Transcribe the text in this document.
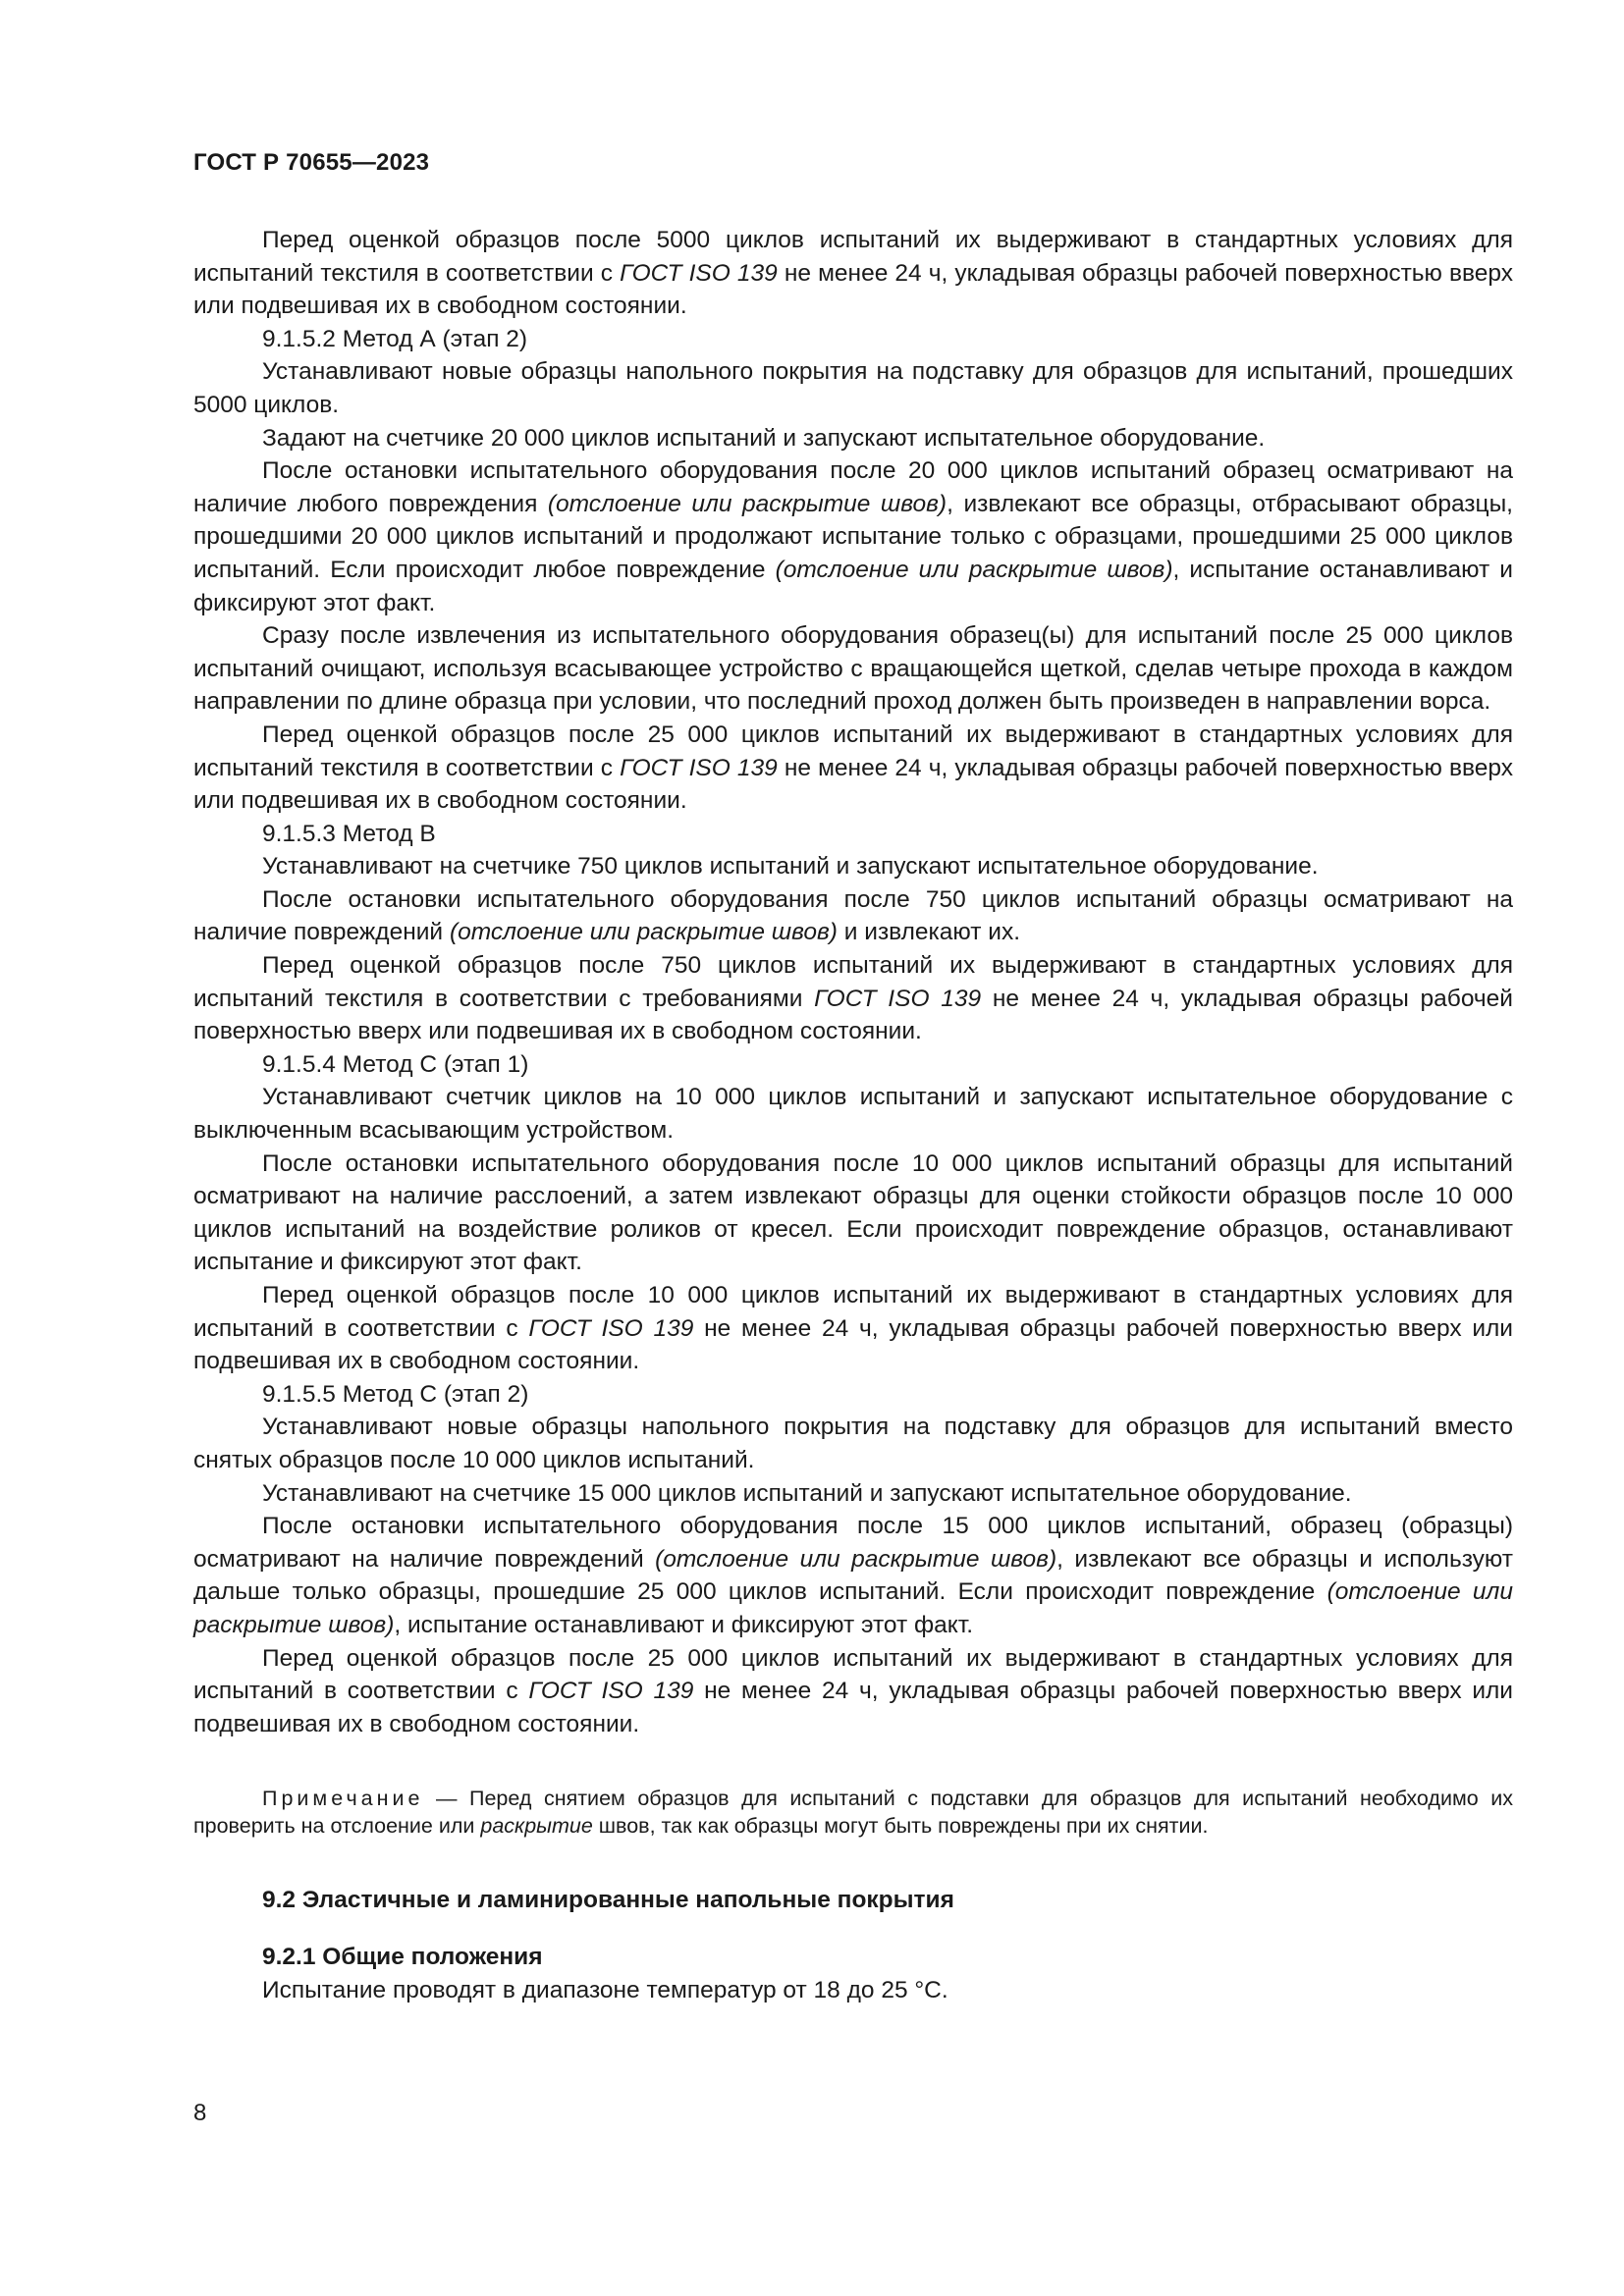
ГОСТ Р 70655—2023

Перед оценкой образцов после 5000 циклов испытаний их выдерживают в стандартных условиях для испытаний текстиля в соответствии с ГОСТ ISO 139 не менее 24 ч, укладывая образцы рабочей поверхностью вверх или подвешивая их в свободном состоянии.

9.1.5.2 Метод А (этап 2)

Устанавливают новые образцы напольного покрытия на подставку для образцов для испытаний, прошедших 5000 циклов.

Задают на счетчике 20 000 циклов испытаний и запускают испытательное оборудование.

После остановки испытательного оборудования после 20 000 циклов испытаний образец осматривают на наличие любого повреждения (отслоение или раскрытие швов), извлекают все образцы, отбрасывают образцы, прошедшими 20 000 циклов испытаний и продолжают испытание только с образцами, прошедшими 25 000 циклов испытаний. Если происходит любое повреждение (отслоение или раскрытие швов), испытание останавливают и фиксируют этот факт.

Сразу после извлечения из испытательного оборудования образец(ы) для испытаний после 25 000 циклов испытаний очищают, используя всасывающее устройство с вращающейся щеткой, сделав четыре прохода в каждом направлении по длине образца при условии, что последний проход должен быть произведен в направлении ворса.

Перед оценкой образцов после 25 000 циклов испытаний их выдерживают в стандартных условиях для испытаний текстиля в соответствии с ГОСТ ISO 139 не менее 24 ч, укладывая образцы рабочей поверхностью вверх или подвешивая их в свободном состоянии.

9.1.5.3 Метод В

Устанавливают на счетчике 750 циклов испытаний и запускают испытательное оборудование.

После остановки испытательного оборудования после 750 циклов испытаний образцы осматривают на наличие повреждений (отслоение или раскрытие швов) и извлекают их.

Перед оценкой образцов после 750 циклов испытаний их выдерживают в стандартных условиях для испытаний текстиля в соответствии с требованиями ГОСТ ISO 139 не менее 24 ч, укладывая образцы рабочей поверхностью вверх или подвешивая их в свободном состоянии.

9.1.5.4 Метод С (этап 1)

Устанавливают счетчик циклов на 10 000 циклов испытаний и запускают испытательное оборудование с выключенным всасывающим устройством.

После остановки испытательного оборудования после 10 000 циклов испытаний образцы для испытаний осматривают на наличие расслоений, а затем извлекают образцы для оценки стойкости образцов после 10 000 циклов испытаний на воздействие роликов от кресел. Если происходит повреждение образцов, останавливают испытание и фиксируют этот факт.

Перед оценкой образцов после 10 000 циклов испытаний их выдерживают в стандартных условиях для испытаний в соответствии с ГОСТ ISO 139 не менее 24 ч, укладывая образцы рабочей поверхностью вверх или подвешивая их в свободном состоянии.

9.1.5.5 Метод С (этап 2)

Устанавливают новые образцы напольного покрытия на подставку для образцов для испытаний вместо снятых образцов после 10 000 циклов испытаний.

Устанавливают на счетчике 15 000 циклов испытаний и запускают испытательное оборудование.

После остановки испытательного оборудования после 15 000 циклов испытаний, образец (образцы) осматривают на наличие повреждений (отслоение или раскрытие швов), извлекают все образцы и используют дальше только образцы, прошедшие 25 000 циклов испытаний. Если происходит повреждение (отслоение или раскрытие швов), испытание останавливают и фиксируют этот факт.

Перед оценкой образцов после 25 000 циклов испытаний их выдерживают в стандартных условиях для испытаний в соответствии с ГОСТ ISO 139 не менее 24 ч, укладывая образцы рабочей поверхностью вверх или подвешивая их в свободном состоянии.

Примечание — Перед снятием образцов для испытаний с подставки для образцов для испытаний необходимо их проверить на отслоение или раскрытие швов, так как образцы могут быть повреждены при их снятии.

9.2 Эластичные и ламинированные напольные покрытия

9.2.1 Общие положения

Испытание проводят в диапазоне температур от 18 до 25 °C.

8
